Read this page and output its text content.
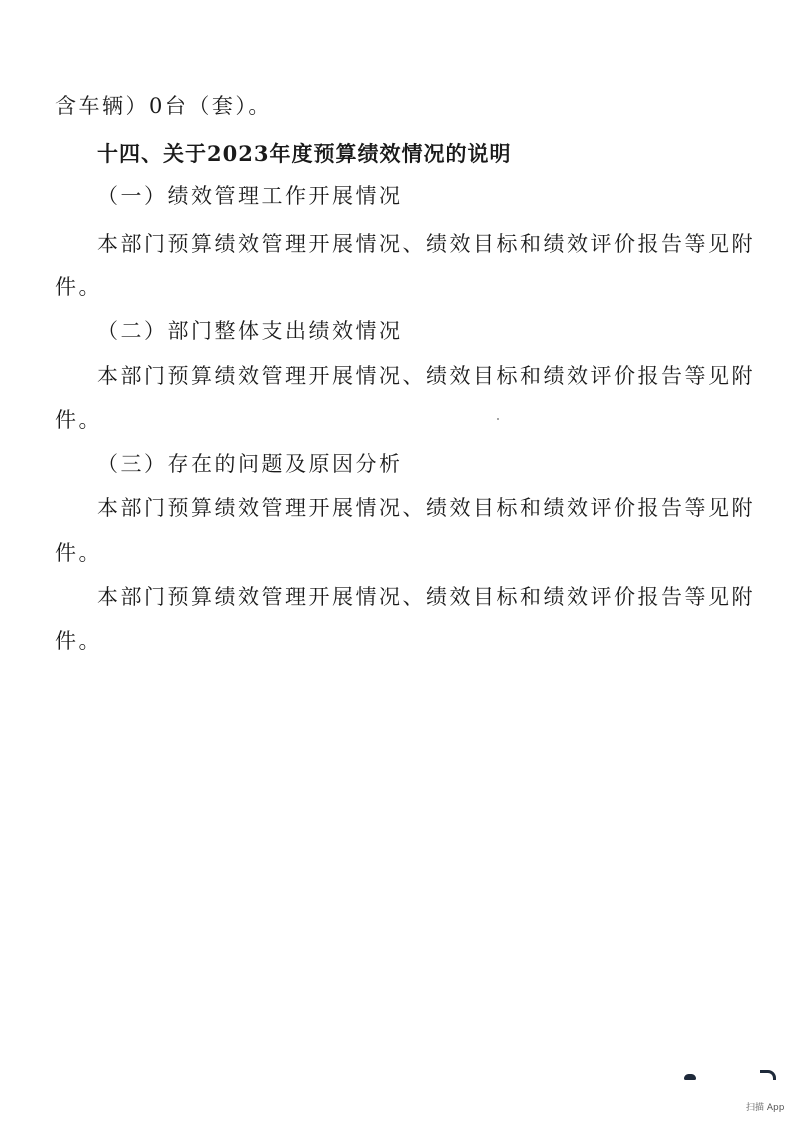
含车辆）0台（套）。
十四、关于2023年度预算绩效情况的说明
（一）绩效管理工作开展情况
本部门预算绩效管理开展情况、绩效目标和绩效评价报告等见附
件。
（二）部门整体支出绩效情况
本部门预算绩效管理开展情况、绩效目标和绩效评价报告等见附
件。
（三）存在的问题及原因分析
本部门预算绩效管理开展情况、绩效目标和绩效评价报告等见附
件。
本部门预算绩效管理开展情况、绩效目标和绩效评价报告等见附
件。
扫描 App
